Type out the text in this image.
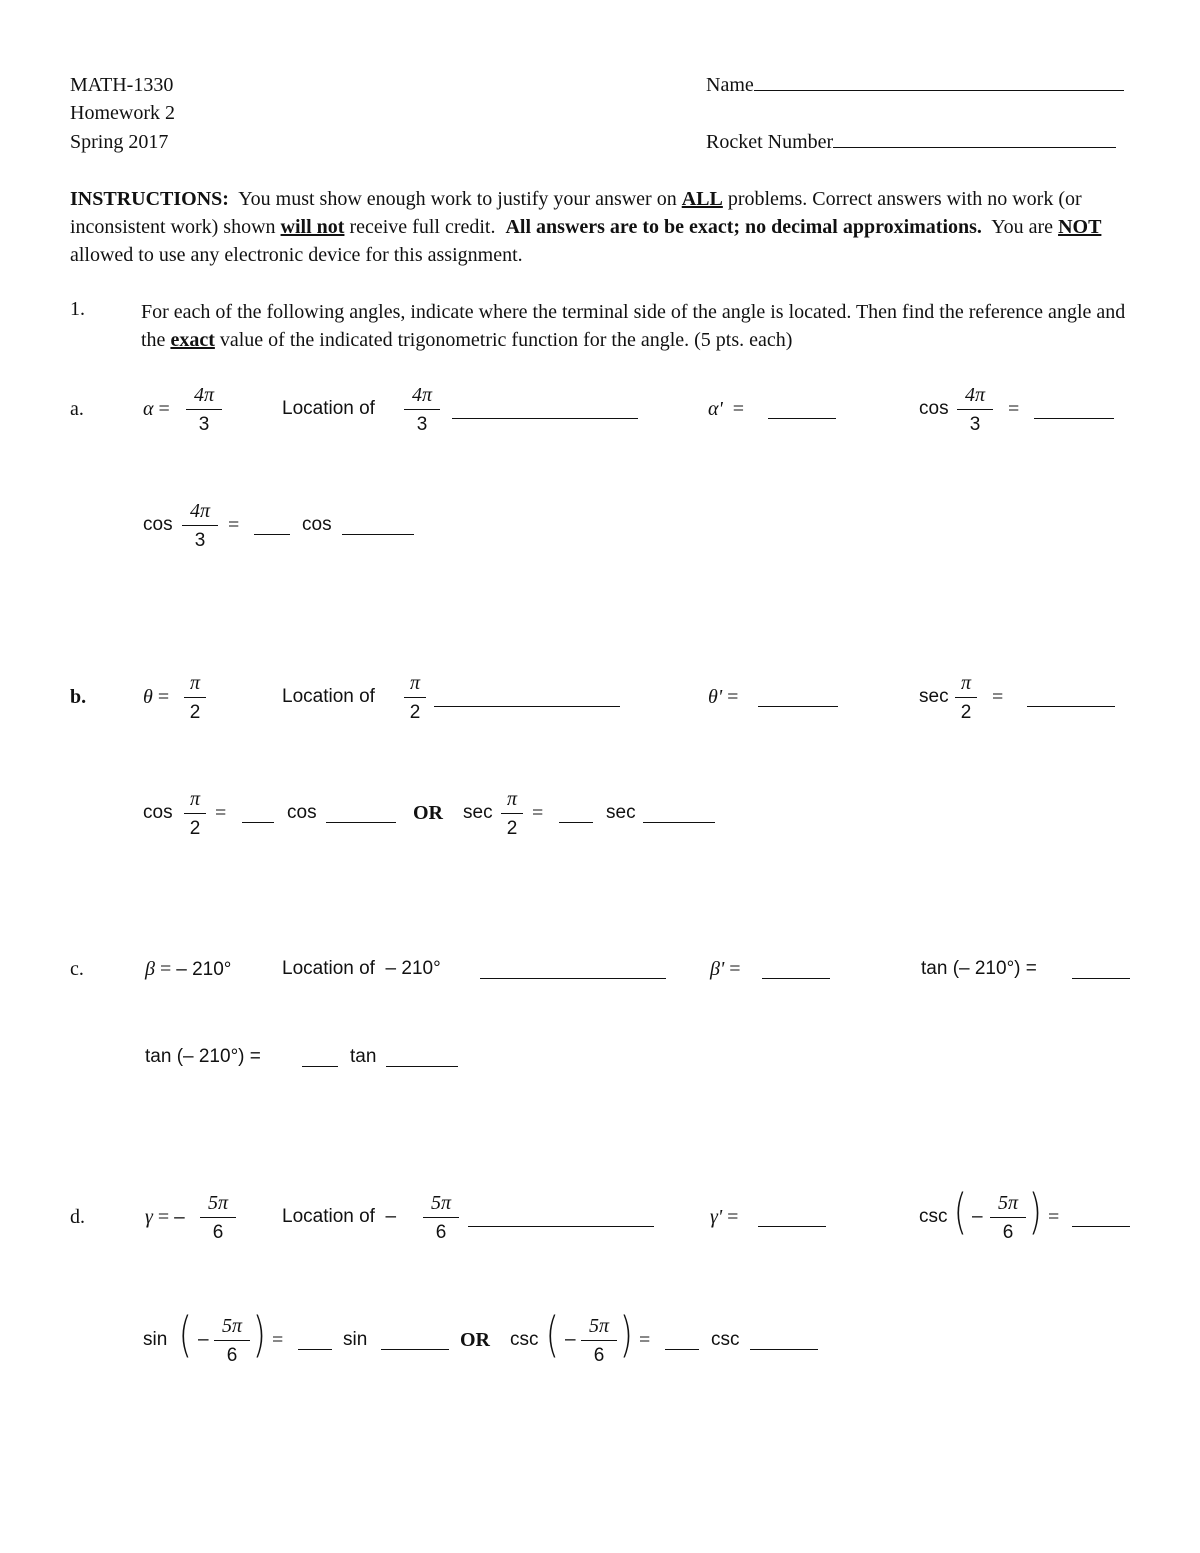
MATH-1330
Homework 2
Spring 2017
Name
Rocket Number
INSTRUCTIONS: You must show enough work to justify your answer on ALL problems. Correct answers with no work (or inconsistent work) shown will not receive full credit. All answers are to be exact; no decimal approximations. You are NOT allowed to use any electronic device for this assignment.
1.	For each of the following angles, indicate where the terminal side of the angle is located. Then find the reference angle and the exact value of the indicated trigonometric function for the angle. (5 pts. each)
a.	α =
4π
3
Location of
4π
3
α' =	cos
4π
3
=
cos
4π
3
=	cos
b.	θ =
π
2
Location of
π
2
θ' =	sec
π
2
=
cos
π
2
=	cos	OR sec
π
2
=	sec
c.	β = – 210°	Location of – 210°	β' =	tan (– 210°) =
tan (– 210°) =	tan
d.	γ = –
5π
6
Location of –
5π
6
γ' =	csc ( –
5π
6 ) =
sin ( –
5π
6 ) =	sin	OR csc ( –
5π
6 ) =	csc
